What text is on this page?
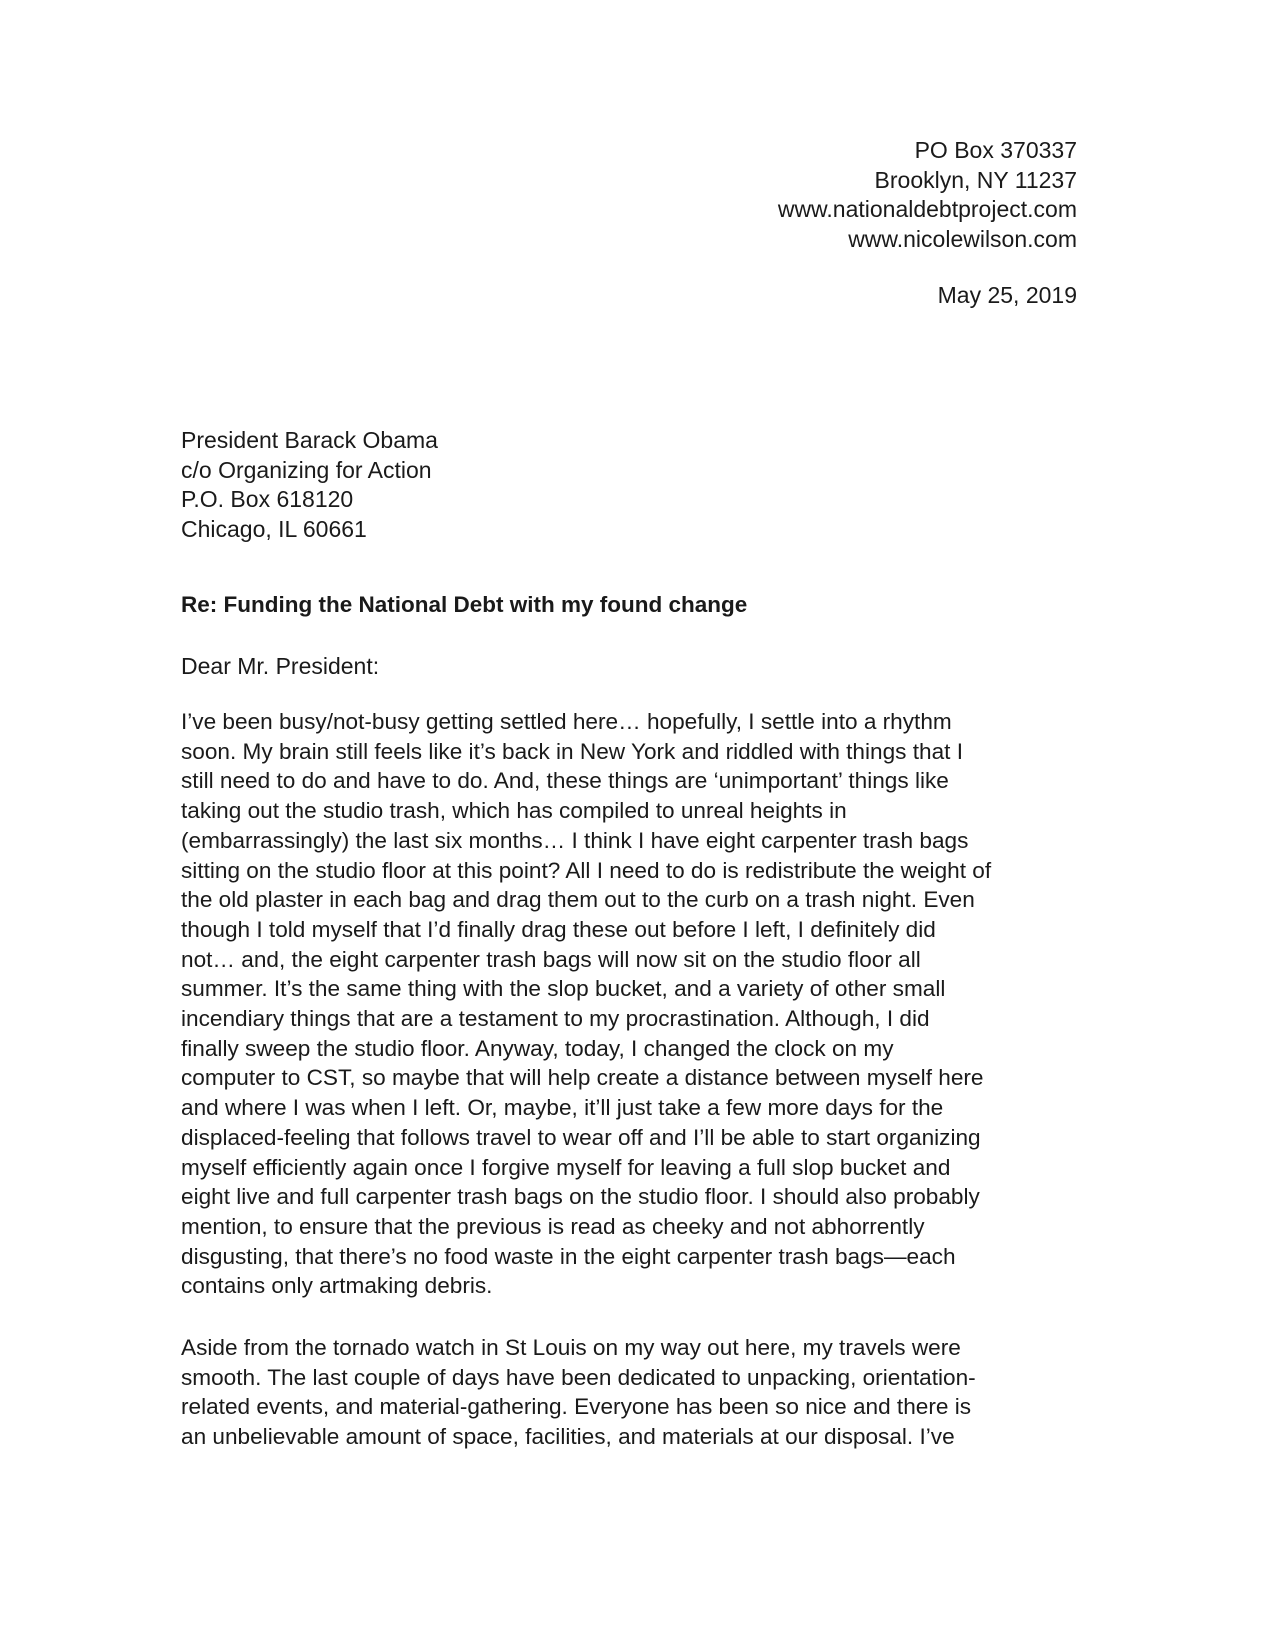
PO Box 370337
Brooklyn, NY 11237
www.nationaldebtproject.com
www.nicolewilson.com
May 25, 2019
President Barack Obama
c/o Organizing for Action
P.O. Box 618120
Chicago, IL 60661
Re: Funding the National Debt with my found change
Dear Mr. President:
I’ve been busy/not-busy getting settled here… hopefully, I settle into a rhythm
soon. My brain still feels like it’s back in New York and riddled with things that I
still need to do and have to do. And, these things are ‘unimportant’ things like
taking out the studio trash, which has compiled to unreal heights in
(embarrassingly) the last six months… I think I have eight carpenter trash bags
sitting on the studio floor at this point? All I need to do is redistribute the weight of
the old plaster in each bag and drag them out to the curb on a trash night. Even
though I told myself that I’d finally drag these out before I left, I definitely did
not… and, the eight carpenter trash bags will now sit on the studio floor all
summer. It’s the same thing with the slop bucket, and a variety of other small
incendiary things that are a testament to my procrastination. Although, I did
finally sweep the studio floor. Anyway, today, I changed the clock on my
computer to CST, so maybe that will help create a distance between myself here
and where I was when I left. Or, maybe, it’ll just take a few more days for the
displaced-feeling that follows travel to wear off and I’ll be able to start organizing
myself efficiently again once I forgive myself for leaving a full slop bucket and
eight live and full carpenter trash bags on the studio floor. I should also probably
mention, to ensure that the previous is read as cheeky and not abhorrently
disgusting, that there’s no food waste in the eight carpenter trash bags—each
contains only artmaking debris.
Aside from the tornado watch in St Louis on my way out here, my travels were
smooth. The last couple of days have been dedicated to unpacking, orientation-
related events, and material-gathering. Everyone has been so nice and there is
an unbelievable amount of space, facilities, and materials at our disposal. I’ve
